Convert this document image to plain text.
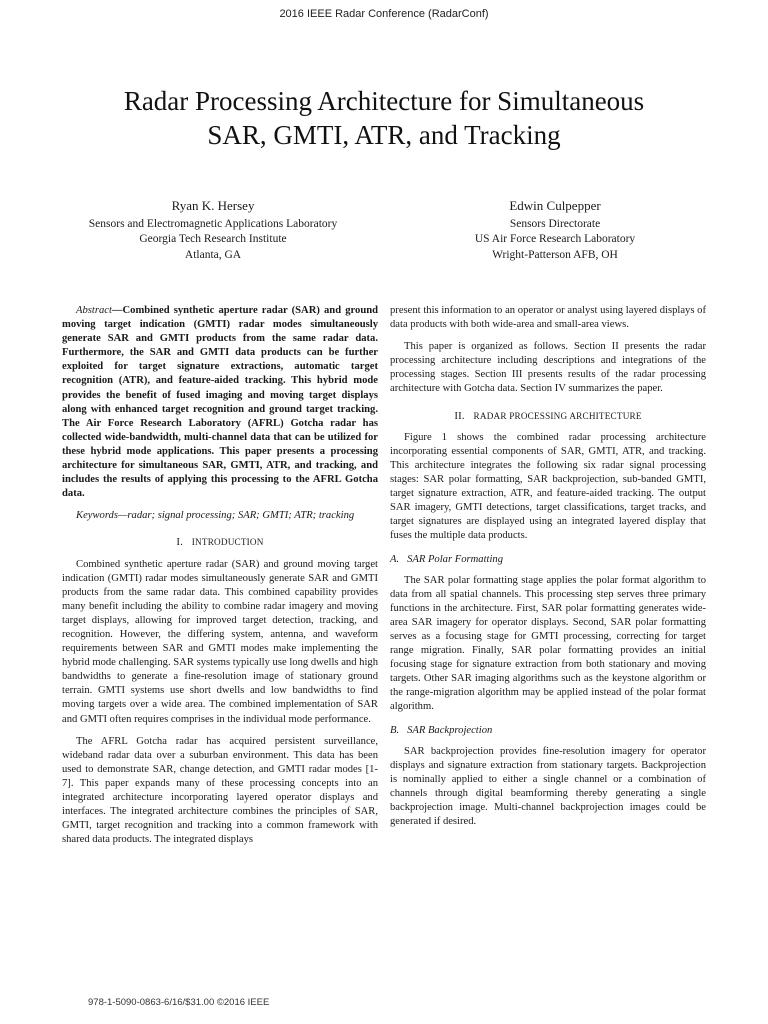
2016 IEEE Radar Conference (RadarConf)
Radar Processing Architecture for Simultaneous
SAR, GMTI, ATR, and Tracking
Ryan K. Hersey
Sensors and Electromagnetic Applications Laboratory
Georgia Tech Research Institute
Atlanta, GA
Edwin Culpepper
Sensors Directorate
US Air Force Research Laboratory
Wright-Patterson AFB, OH

Abstract—Combined synthetic aperture radar (SAR) and ground moving target indication (GMTI) radar modes simultaneously generate SAR and GMTI products from the same radar data. Furthermore, the SAR and GMTI data products can be further exploited for target signature extractions, automatic target recognition (ATR), and feature-aided tracking. This hybrid mode provides the benefit of fused imaging and moving target displays along with enhanced target recognition and ground target tracking. The Air Force Research Laboratory (AFRL) Gotcha radar has collected wide-bandwidth, multi-channel data that can be utilized for these hybrid mode applications. This paper presents a processing architecture for simultaneous SAR, GMTI, ATR, and tracking, and includes the results of applying this processing to the AFRL Gotcha data.

Keywords—radar; signal processing; SAR; GMTI; ATR; tracking

I. INTRODUCTION

Combined synthetic aperture radar (SAR) and ground moving target indication (GMTI) radar modes simultaneously generate SAR and GMTI products from the same radar data. This combined capability provides many benefit including the ability to combine radar imagery and moving target displays, allowing for improved target detection, tracking, and recognition. However, the differing system, antenna, and waveform requirements between SAR and GMTI modes make implementing the hybrid mode challenging. SAR systems typically use long dwells and high bandwidths to generate a fine-resolution image of stationary ground terrain. GMTI systems use short dwells and low bandwidths to find moving targets over a wide area. The combined implementation of SAR and GMTI often requires comprises in the individual mode performance.

The AFRL Gotcha radar has acquired persistent surveillance, wideband radar data over a suburban environment. This data has been used to demonstrate SAR, change detection, and GMTI radar modes [1-7]. This paper expands many of these processing concepts into an integrated architecture incorporating layered operator displays and interfaces. The integrated architecture combines the principles of SAR, GMTI, target recognition and tracking into a common framework with shared data products. The integrated displays

present this information to an operator or analyst using layered displays of data products with both wide-area and small-area views.

This paper is organized as follows. Section II presents the radar processing architecture including descriptions and integrations of the processing stages. Section III presents results of the radar processing architecture with Gotcha data. Section IV summarizes the paper.

II. RADAR PROCESSING ARCHITECTURE

Figure 1 shows the combined radar processing architecture incorporating essential components of SAR, GMTI, ATR, and tracking. This architecture integrates the following six radar signal processing stages: SAR polar formatting, SAR backprojection, sub-banded GMTI, target signature extraction, ATR, and feature-aided tracking. The output SAR imagery, GMTI detections, target classifications, target tracks, and target signatures are displayed using an integrated layered display that fuses the multiple data products.

A. SAR Polar Formatting

The SAR polar formatting stage applies the polar format algorithm to data from all spatial channels. This processing step serves three primary functions in the architecture. First, SAR polar formatting generates wide-area SAR imagery for operator displays. Second, SAR polar formatting serves as a focusing stage for GMTI processing, correcting for target range migration. Finally, SAR polar formatting provides an initial focusing stage for signature extraction from both stationary and moving targets. Other SAR imaging algorithms such as the keystone algorithm or the range-migration algorithm may be applied instead of the polar format algorithm.

B. SAR Backprojection

SAR backprojection provides fine-resolution imagery for operator displays and signature extraction from stationary targets. Backprojection is nominally applied to either a single channel or a combination of channels through digital beamforming thereby generating a single backprojection image. Multi-channel backprojection images could be generated if desired.

978-1-5090-0863-6/16/$31.00 ©2016 IEEE
